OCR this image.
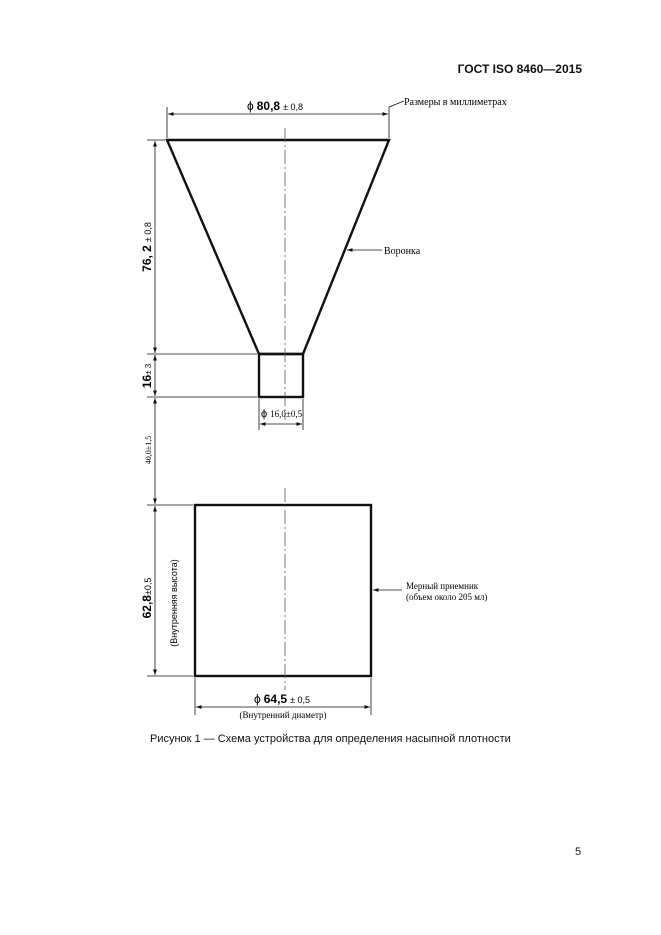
ГОСТ ISO 8460—2015
ϕ 80,8 ± 0,8	Размеры в миллиметрах
76, 2± 0,8
16± 3
40,0±1,5
62,8±0,5 (Внутренняя высота)
ϕ 16,0±0,5
ϕ 64,5 ± 0,5
(Внутренний диаметр)
Воронка
Мерный приемник
(объем около 205 мл)
Рисунок 1 — Схема устройства для определения насыпной плотности
5
